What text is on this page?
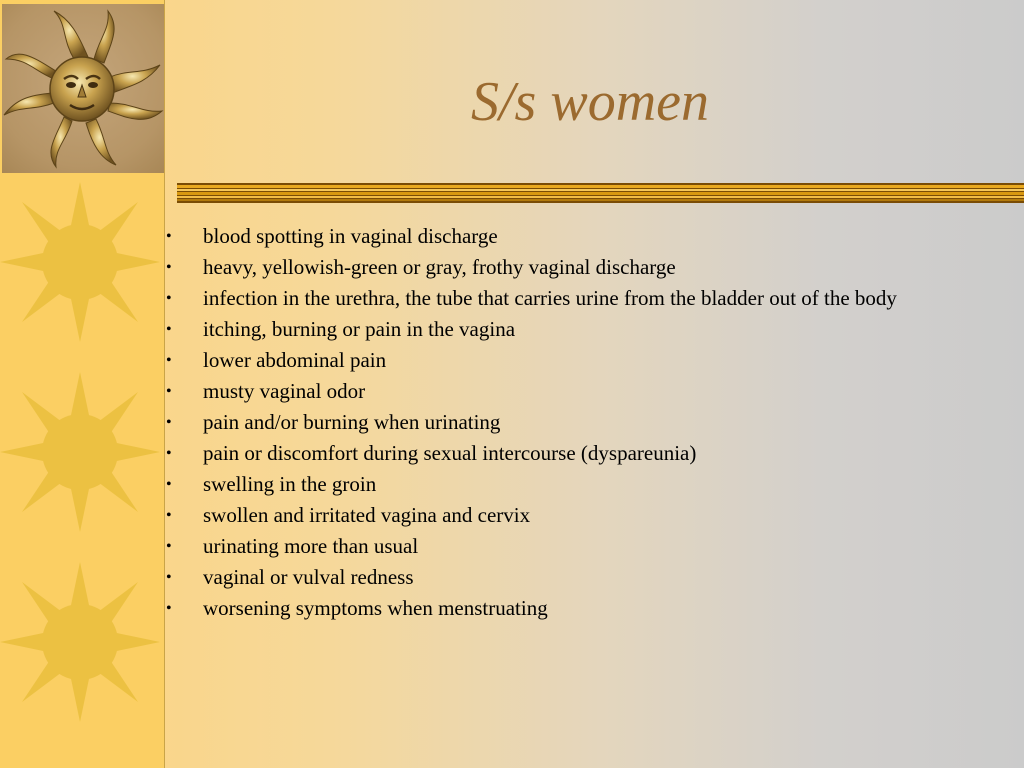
S/s women
•	blood spotting in vaginal discharge
•	heavy, yellowish-green or gray, frothy vaginal discharge
•	infection in the urethra, the tube that carries urine from the bladder out of the body
•	itching, burning or pain in the vagina
•	lower abdominal pain
•	musty vaginal odor
•	pain and/or burning when urinating
•	pain or discomfort during sexual intercourse (dyspareunia)
•	swelling in the groin
•	swollen and irritated vagina and cervix
•	urinating more than usual
•	vaginal or vulval redness
•	worsening symptoms when menstruating
